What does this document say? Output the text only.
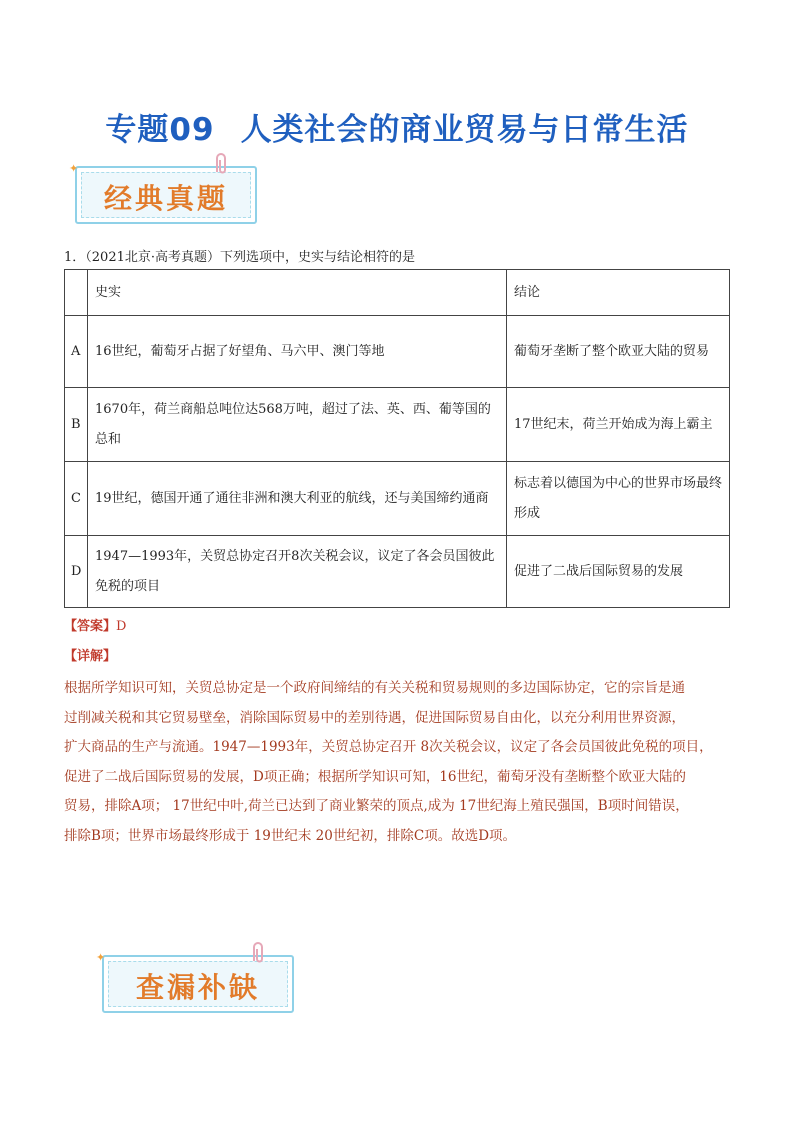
专题09 人类社会的商业贸易与日常生活
经典真题
✦
1．（2021北京·高考真题）下列选项中，史实与结论相符的是
	史实	结论
A	16世纪，葡萄牙占据了好望角、马六甲、澳门等地	葡萄牙垄断了整个欧亚大陆的贸易
B	1670年，荷兰商船总吨位达568万吨，超过了法、英、西、葡等国的总和	17世纪末，荷兰开始成为海上霸主
C	19世纪，德国开通了通往非洲和澳大利亚的航线，还与美国缔约通商	标志着以德国为中心的世界市场最终形成
D	1947—1993年，关贸总协定召开8次关税会议，议定了各会员国彼此免税的项目	促进了二战后国际贸易的发展
【答案】D
【详解】

根据所学知识可知，关贸总协定是一个政府间缔结的有关关税和贸易规则的多边国际协定，它的宗旨是通

过削减关税和其它贸易壁垒，消除国际贸易中的差别待遇，促进国际贸易自由化，以充分利用世界资源，

扩大商品的生产与流通。1947—1993年，关贸总协定召开 8次关税会议，议定了各会员国彼此免税的项目，

促进了二战后国际贸易的发展，D项正确；根据所学知识可知，16世纪，葡萄牙没有垄断整个欧亚大陆的

贸易，排除A项； 17世纪中叶,荷兰已达到了商业繁荣的顶点,成为 17世纪海上殖民强国，B项时间错误，

排除B项；世界市场最终形成于 19世纪末 20世纪初，排除C项。故选D项。

查漏补缺
✦
